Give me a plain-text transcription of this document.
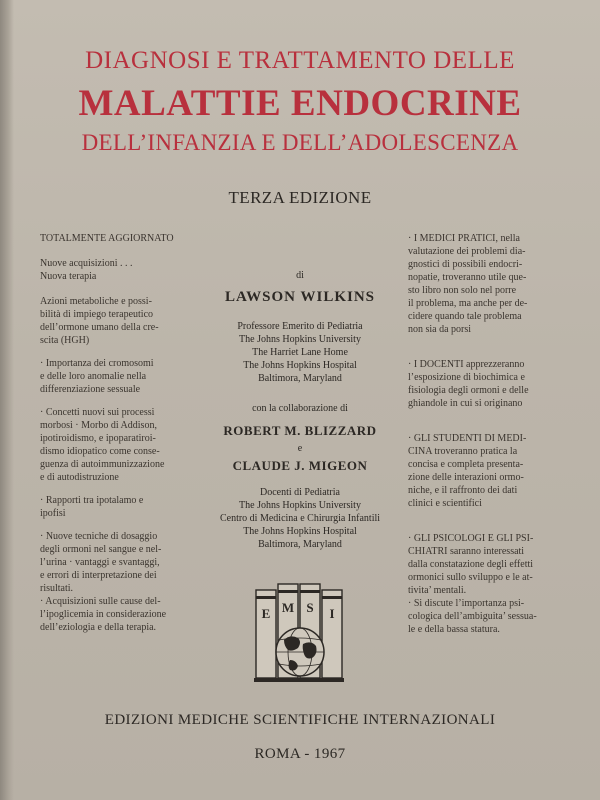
DIAGNOSI E TRATTAMENTO DELLE
MALATTIE ENDOCRINE
DELL’INFANZIA E DELL’ADOLESCENZA
TERZA EDIZIONE
TOTALMENTE AGGIORNATO
Nuove acquisizioni . . .
Nuova terapia
Azioni metaboliche e possi-
bilità di impiego terapeutico
dell’ormone umano della cre-
scita (HGH)
· Importanza dei cromosomi
e delle loro anomalie nella
differenziazione sessuale
· Concetti nuovi sui processi
morbosi · Morbo di Addison,
ipotiroidismo, e ipoparatiroi-
dismo idiopatico come conse-
guenza di autoimmunizzazione
e di autodistruzione
· Rapporti tra ipotalamo e
ipofisi
· Nuove tecniche di dosaggio
degli ormoni nel sangue e nel-
l’urina · vantaggi e svantaggi,
e errori di interpretazione dei
risultati.
· Acquisizioni sulle cause del-
l’ipoglicemia in considerazione
dell’eziologia e della terapia.
di
LAWSON WILKINS
Professore Emerito di Pediatria
The Johns Hopkins University
The Harriet Lane Home
The Johns Hopkins Hospital
Baltimora, Maryland
con la collaborazione di
ROBERT M. BLIZZARD
e
CLAUDE J. MIGEON
Docenti di Pediatria
The Johns Hopkins University
Centro di Medicina e Chirurgia Infantili
The Johns Hopkins Hospital
Baltimora, Maryland
· I MEDICI PRATICI, nella
valutazione dei problemi dia-
gnostici di possibili endocri-
nopatie, troveranno utile que-
sto libro non solo nel porre
il problema, ma anche per de-
cidere quando tale problema
non sia da porsi
· I DOCENTI apprezzeranno
l’esposizione di biochimica e
fisiologia degli ormoni e delle
ghiandole in cui si originano
· GLI STUDENTI DI MEDI-
CINA troveranno pratica la
concisa e completa presenta-
zione delle interazioni ormo-
niche, e il raffronto dei dati
clinici e scientifici
· GLI PSICOLOGI E GLI PSI-
CHIATRI saranno interessati
dalla constatazione degli effetti
ormonici sullo sviluppo e le at-
tivita’ mentali.
· Si discute l’importanza psi-
cologica dell’ambiguita’ sessua-
le e della bassa statura.
E M S I
EDIZIONI MEDICHE SCIENTIFICHE INTERNAZIONALI
ROMA - 1967
